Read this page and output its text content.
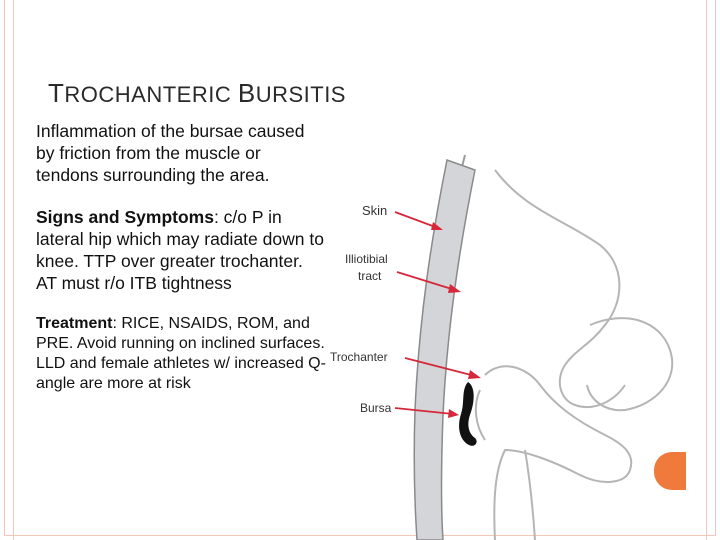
TROCHANTERIC BURSITIS

Inflammation of the bursae caused by friction from the muscle or tendons surrounding the area.

Signs and Symptoms: c/o P in lateral hip which may radiate down to knee. TTP over greater trochanter. AT must r/o ITB tightness

Treatment: RICE, NSAIDS, ROM, and PRE. Avoid running on inclined surfaces. LLD and female athletes w/ increased Q-angle are more at risk

Skin
Illiotibial
tract
Trochanter
Bursa
